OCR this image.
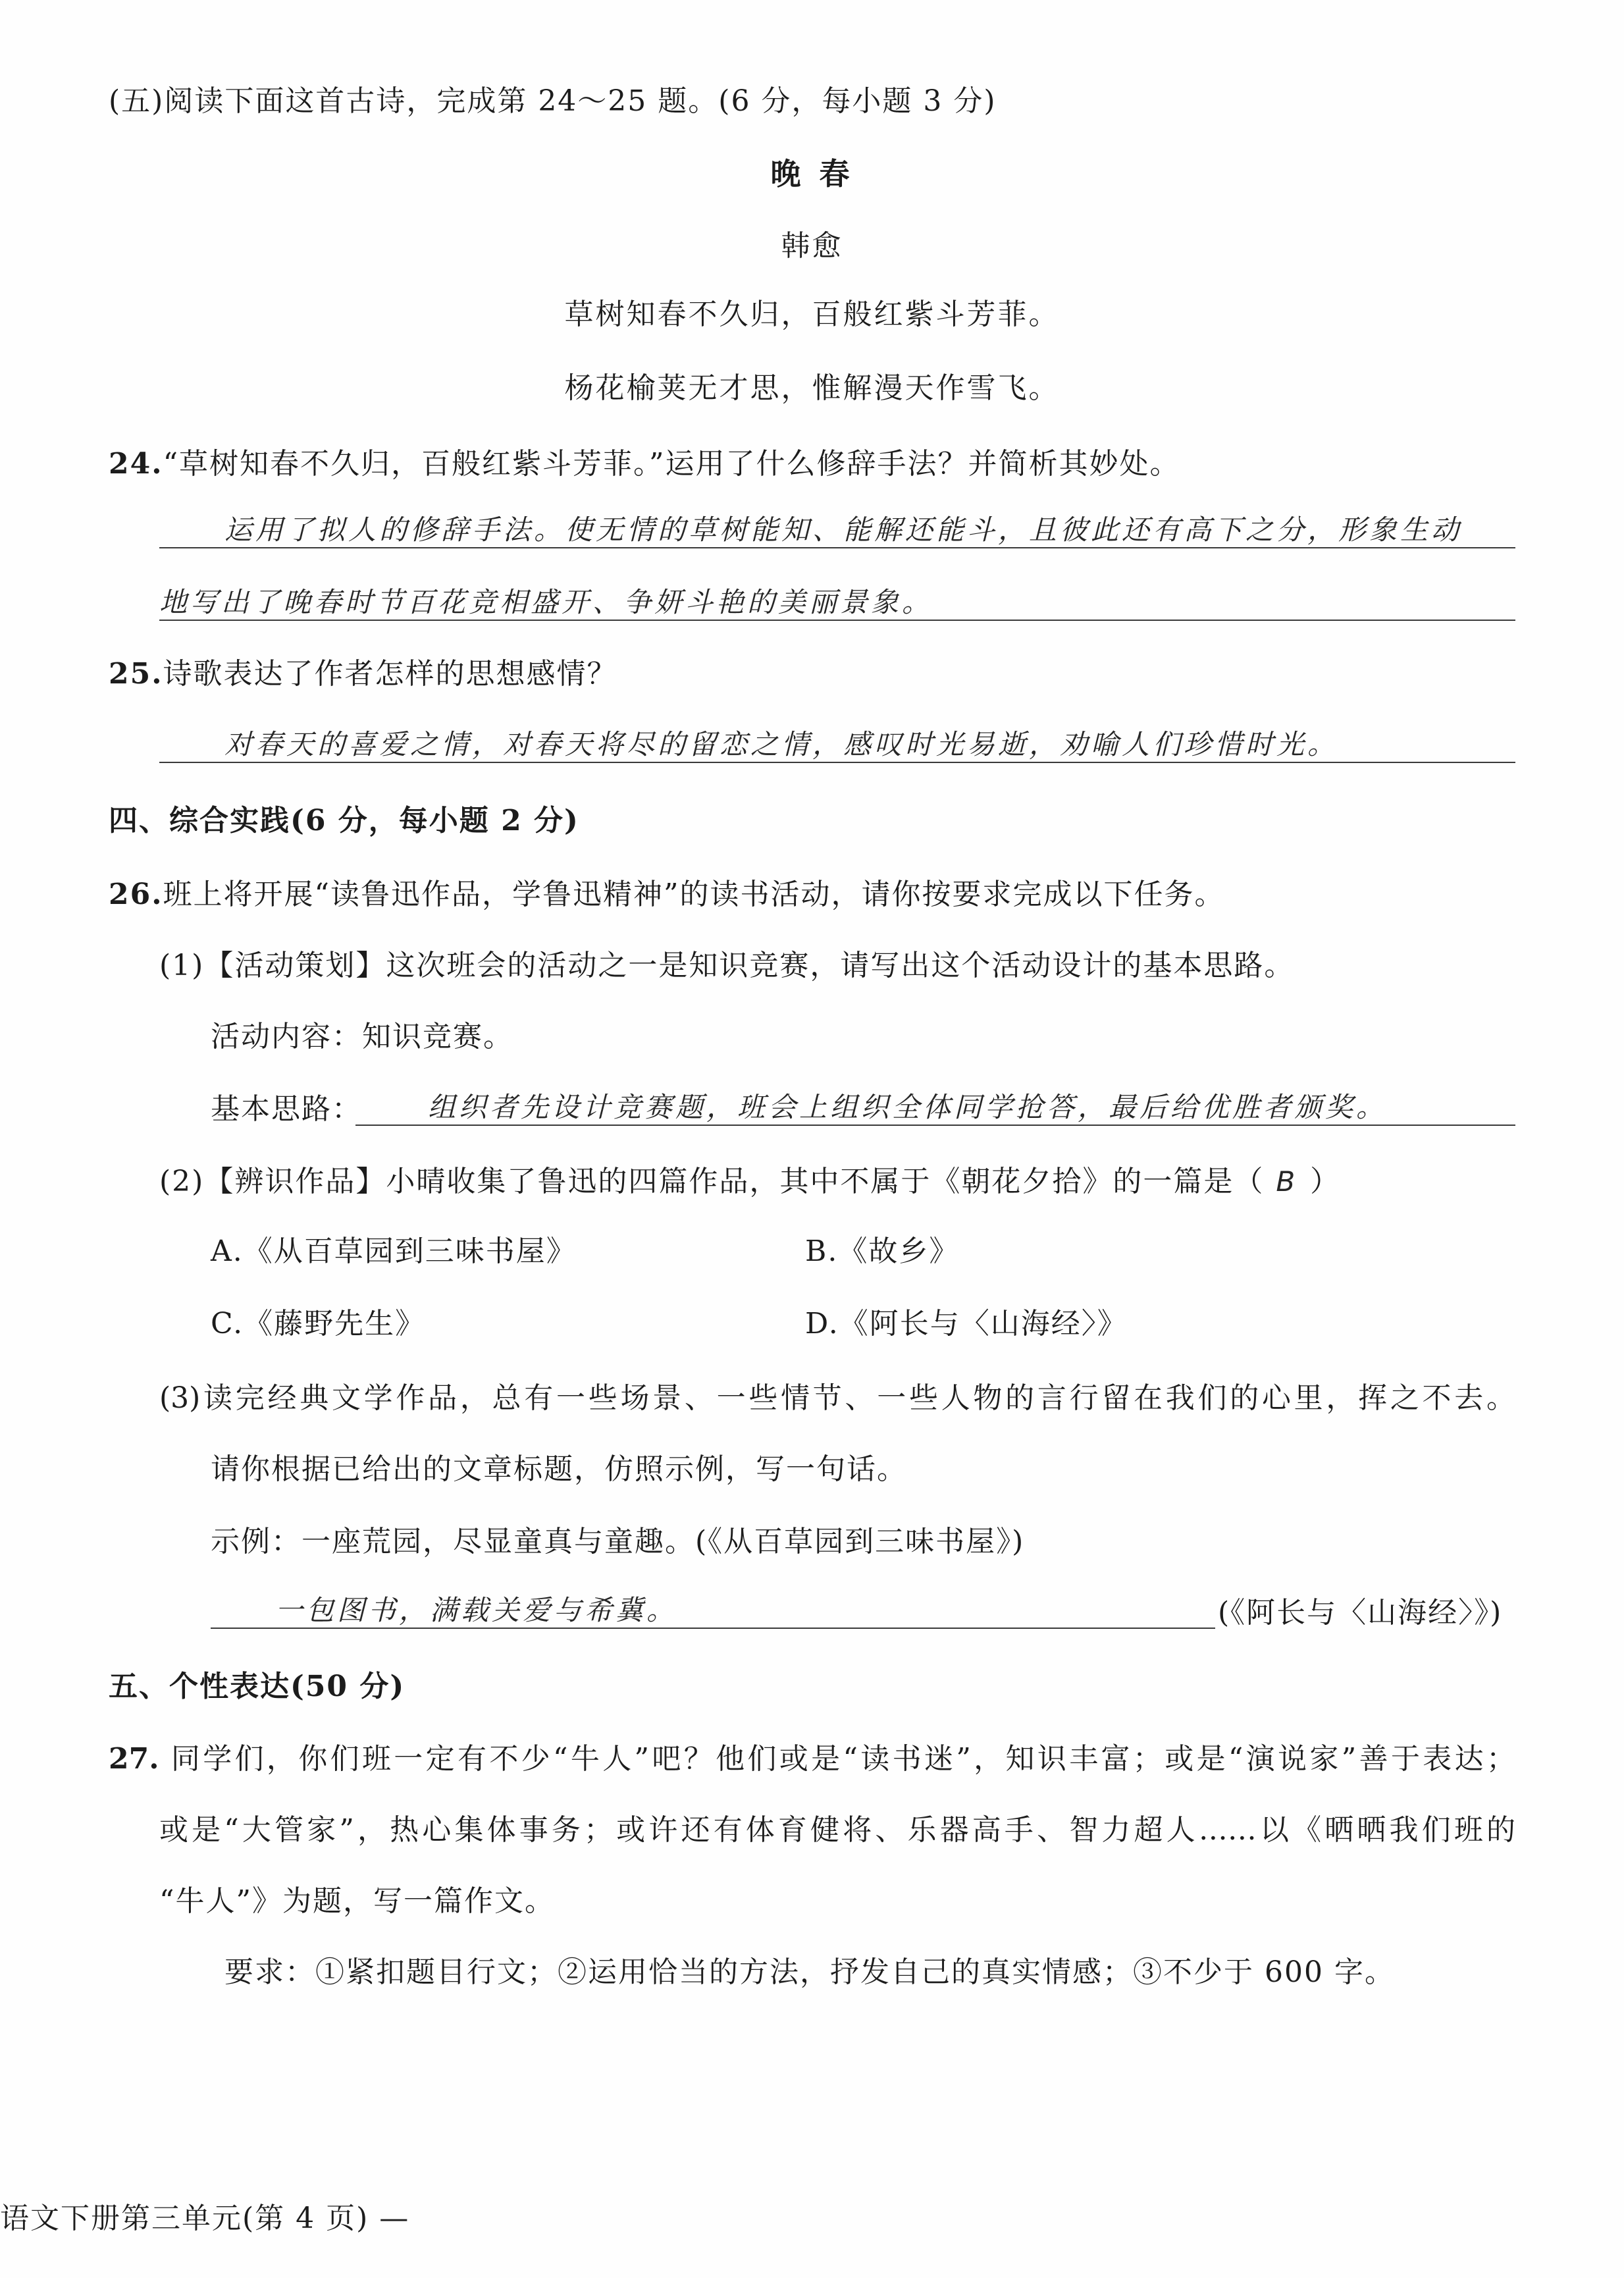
(五)阅读下面这首古诗，完成第 24～25 题。(6 分，每小题 3 分)
晚 春
韩愈
草树知春不久归，百般红紫斗芳菲。
杨花榆荚无才思，惟解漫天作雪飞。
24.“草树知春不久归，百般红紫斗芳菲。”运用了什么修辞手法？并简析其妙处。
运用了拟人的修辞手法。使无情的草树能知、能解还能斗，且彼此还有高下之分，形象生动
地写出了晚春时节百花竞相盛开、争妍斗艳的美丽景象。
25.诗歌表达了作者怎样的思想感情？
对春天的喜爱之情，对春天将尽的留恋之情，感叹时光易逝，劝喻人们珍惜时光。
四、综合实践(6 分，每小题 2 分)
26.班上将开展“读鲁迅作品，学鲁迅精神”的读书活动，请你按要求完成以下任务。
(1)【活动策划】这次班会的活动之一是知识竞赛，请写出这个活动设计的基本思路。
活动内容：知识竞赛。
基本思路：	组织者先设计竞赛题，班会上组织全体同学抢答，最后给优胜者颁奖。
(2)【辨识作品】小晴收集了鲁迅的四篇作品，其中不属于《朝花夕拾》的一篇是（ B ）
A.《从百草园到三味书屋》	B.《故乡》
C.《藤野先生》	D.《阿长与〈山海经〉》
(3)读完经典文学作品，总有一些场景、一些情节、一些人物的言行留在我们的心里，挥之不去。
请你根据已给出的文章标题，仿照示例，写一句话。
示例：一座荒园，尽显童真与童趣。(《从百草园到三味书屋》)
一包图书，满载关爱与希冀。	(《阿长与〈山海经〉》)
五、个性表达(50 分)
27. 同学们，你们班一定有不少“牛人”吧？他们或是“读书迷”，知识丰富；或是“演说家”善于表达；
或是“大管家”，热心集体事务；或许还有体育健将、乐器高手、智力超人……以《晒晒我们班的
“牛人”》为题，写一篇作文。
要求：①紧扣题目行文；②运用恰当的方法，抒发自己的真实情感；③不少于 600 字。
语文下册第三单元(第 4 页) —
